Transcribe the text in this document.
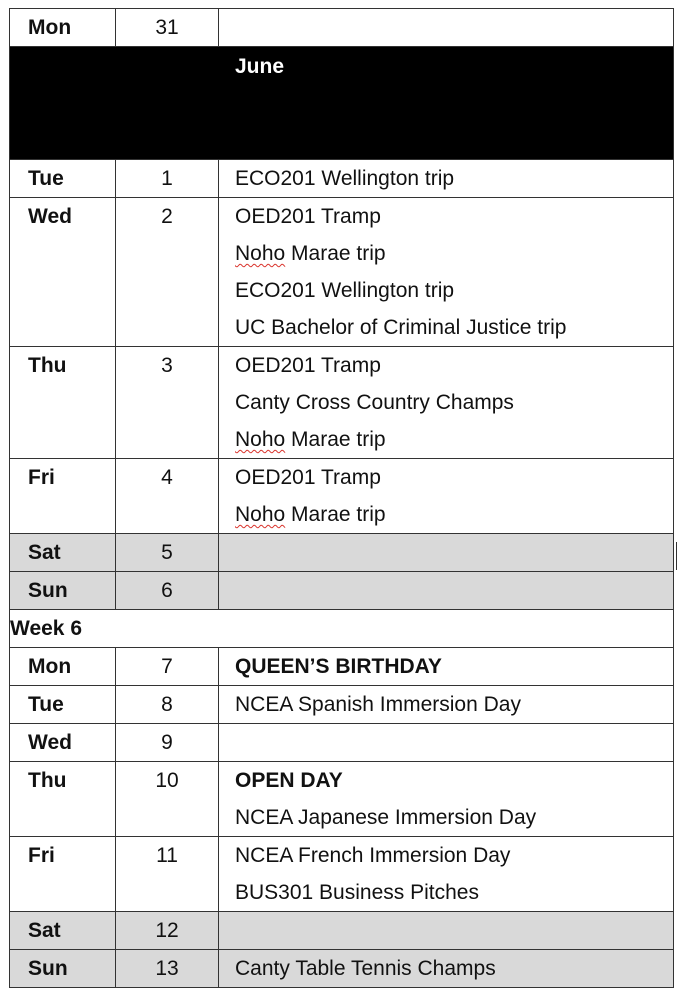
Mon	31	

June		

Tue	1	ECO201 Wellington trip

Wed	2	OED201 Tramp
Noho Marae trip
ECO201 Wellington trip
UC Bachelor of Criminal Justice trip

Thu	3	OED201 Tramp
Canty Cross Country Champs
Noho Marae trip

Fri	4	OED201 Tramp
Noho Marae trip

Sat	5	

Sun	6	

Week 6		
Mon	7	QUEEN’S BIRTHDAY

Tue	8	NCEA Spanish Immersion Day

Wed	9	

Thu	10	OPEN DAY
NCEA Japanese Immersion Day

Fri	11	NCEA French Immersion Day
BUS301 Business Pitches

Sat	12	

Sun	13	Canty Table Tennis Champs
